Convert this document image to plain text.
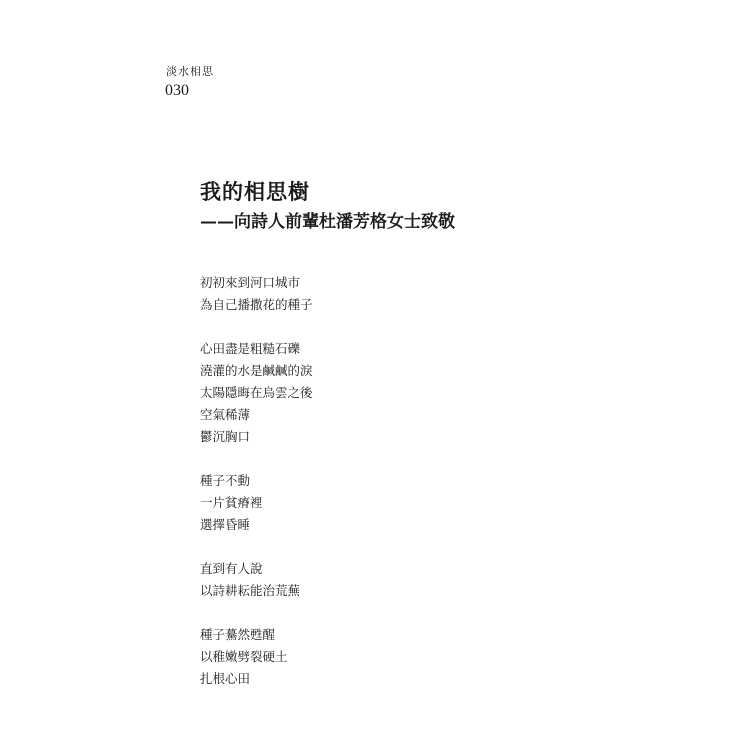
淡水相思
030
我的相思樹
——向詩人前輩杜潘芳格女士致敬
初初來到河口城市
為自己播撒花的種子
心田盡是粗糙石礫
澆灌的水是鹹鹹的淚
太陽隱晦在烏雲之後
空氣稀薄
鬱沉胸口
種子不動
一片貧瘠裡
選擇昏睡
直到有人說
以詩耕耘能治荒蕪
種子驀然甦醒
以稚嫩劈裂硬土
扎根心田
